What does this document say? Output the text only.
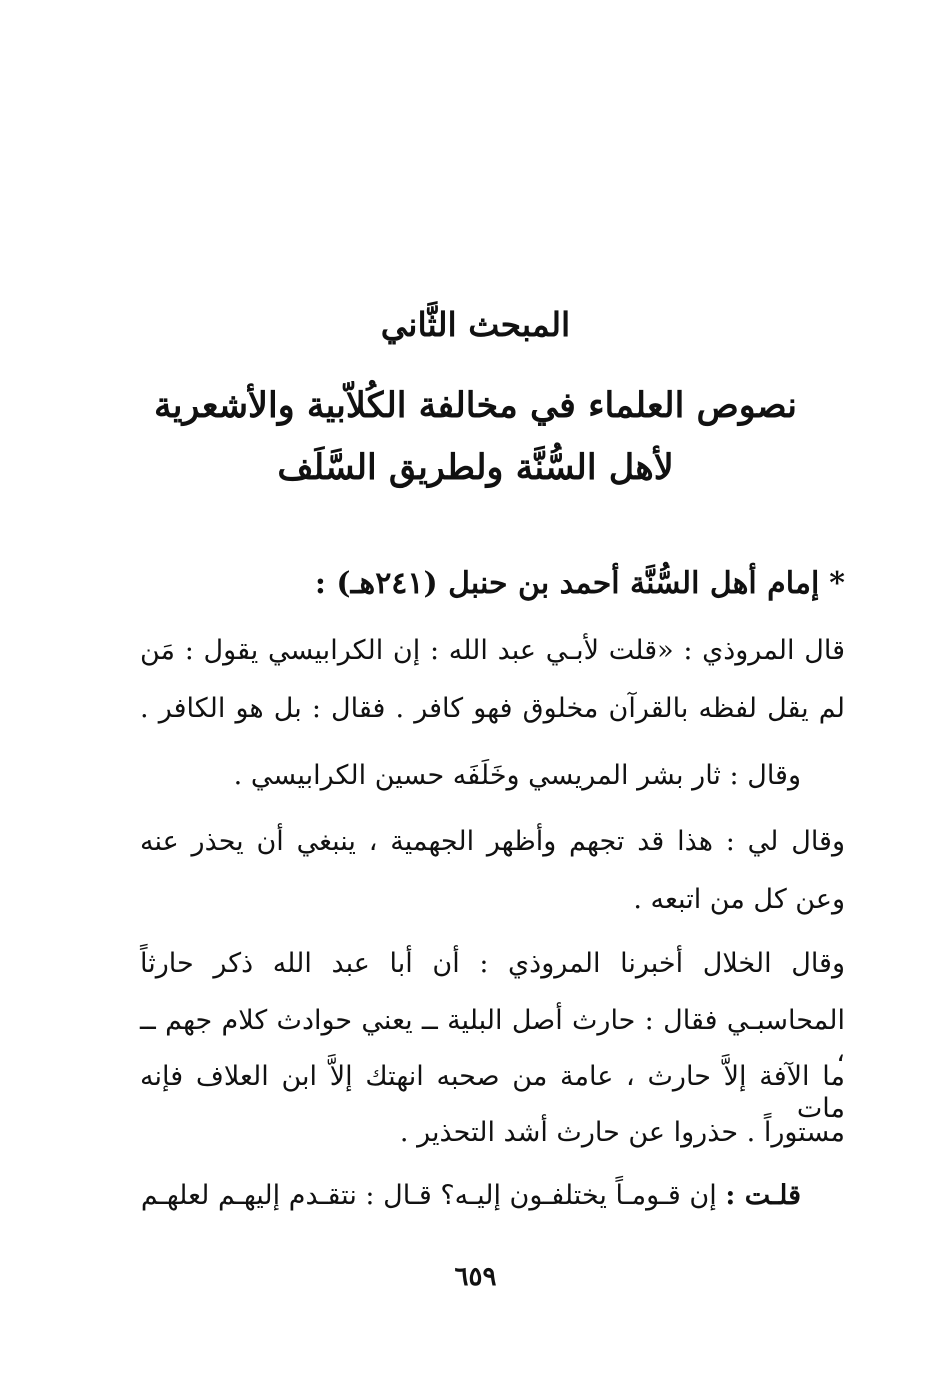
المبحث الثَّاني
نصوص العلماء في مخالفة الكُلاّبية والأشعرية
لأهل السُّنَّة ولطريق السَّلَف
*إمام أهل السُّنَّة أحمد بن حنبل (٢٤١هـ) :
قال المروذي : «قلت لأبـي عبد الله : إن الكرابيسي يقول : مَن
لم يقل لفظه بالقرآن مخلوق فهو كافر . فقال : بل هو الكافر .
وقال : ثار بشر المريسي وخَلَفَه حسين الكرابيسي .
وقال لي : هذا قد تجهم وأظهر الجهمية ، ينبغي أن يحذر عنه
وعن كل من اتبعه .
وقال الخلال أخبرنا المروذي : أن أبا عبد الله ذكر حارثاً
المحاسبـي فقال : حارث أصل البلية ــ يعني حوادث كلام جهم ــ ،
ما الآفة إلاَّ حارث ، عامة من صحبه انهتك إلاَّ ابن العلاف فإنه مات
مستوراً . حذروا عن حارث أشد التحذير .
قلـت : إن قـومـاً يختلفـون إليـه؟ قـال : نتقـدم إليهـم لعلهـم
٦٥٩
